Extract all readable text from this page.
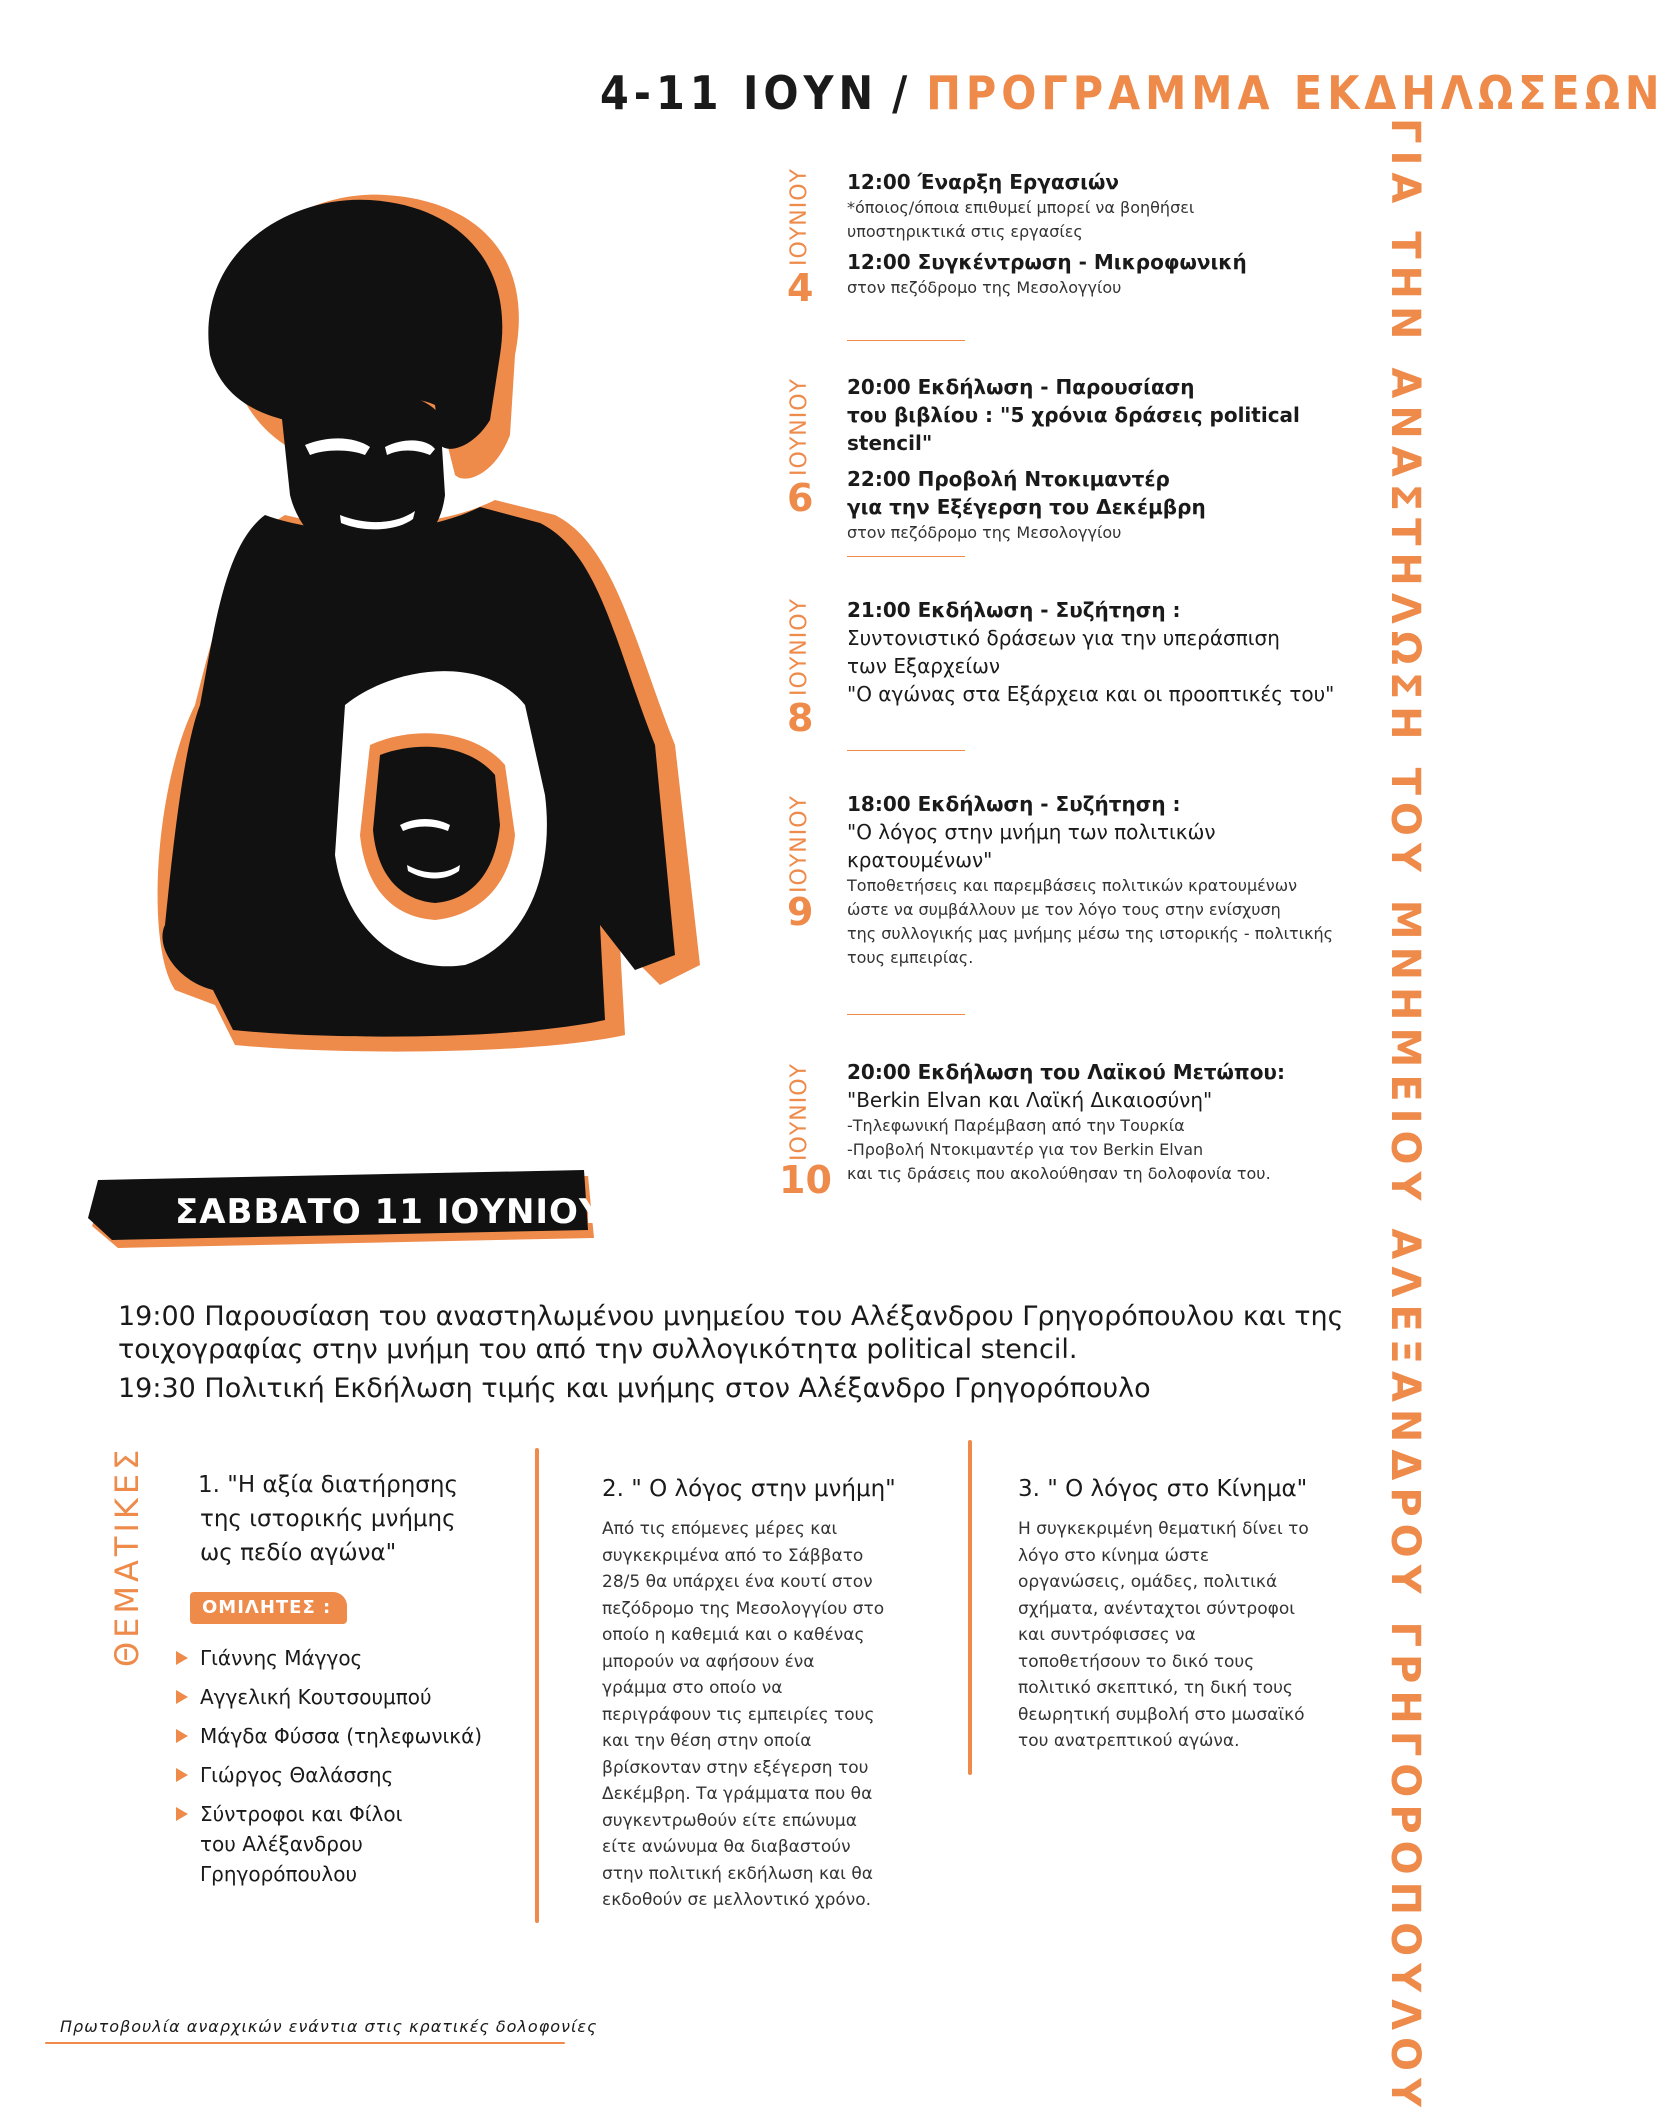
4-11 ΙΟΥΝ / ΠΡΟΓΡΑΜΜΑ ΕΚΔΗΛΩΣΕΩΝ
ΓΙΑ ΤΗΝ ΑΝΑΣΤΗΛΩΣΗ ΤΟΥ ΜΝΗΜΕΙΟΥ ΑΛΕΞΑΝΔΡΟΥ ΓΡΗΓΟΡΟΠΟΥΛΟΥ
ΙΟΥΝΙΟΥ
4
12:00 Έναρξη Εργασιών
*όποιος/όποια επιθυμεί μπορεί να βοηθήσει
υποστηρικτικά στις εργασίες
12:00 Συγκέντρωση - Μικροφωνική
στον πεζόδρομο της Μεσολογγίου
ΙΟΥΝΙΟΥ
6
20:00 Εκδήλωση - Παρουσίαση
του βιβλίου : "5 χρόνια δράσεις political stencil"
22:00 Προβολή Ντοκιμαντέρ
για την Εξέγερση του Δεκέμβρη
στον πεζόδρομο της Μεσολογγίου
ΙΟΥΝΙΟΥ
8
21:00 Εκδήλωση - Συζήτηση :
Συντονιστικό δράσεων για την υπεράσπιση
των Εξαρχείων
"Ο αγώνας στα Εξάρχεια και οι προοπτικές του"
ΙΟΥΝΙΟΥ
9
18:00 Εκδήλωση - Συζήτηση :
"Ο λόγος στην μνήμη των πολιτικών
κρατουμένων"
Τοποθετήσεις και παρεμβάσεις πολιτικών κρατουμένων
ώστε να συμβάλλουν με τον λόγο τους στην ενίσχυση
της συλλογικής μας μνήμης μέσω της ιστορικής - πολιτικής
τους εμπειρίας.
ΙΟΥΝΙΟΥ
10
20:00 Εκδήλωση του Λαϊκού Μετώπου:
"Berkin Elvan και Λαϊκή Δικαιοσύνη"
-Τηλεφωνική Παρέμβαση από την Τουρκία
-Προβολή Ντοκιμαντέρ για τον Berkin Elvan
και τις δράσεις που ακολούθησαν τη δολοφονία του.
ΣΑΒΒΑΤΟ 11 ΙΟΥΝΙΟΥ
19:00 Παρουσίαση του αναστηλωμένου μνημείου του Αλέξανδρου Γρηγορόπουλου και της
τοιχογραφίας στην μνήμη του από την συλλογικότητα political stencil.
19:30 Πολιτική Εκδήλωση τιμής και μνήμης στον Αλέξανδρο Γρηγορόπουλο
ΘΕΜΑΤΙΚΕΣ 1. "Η αξία διατήρησης
της ιστορικής μνήμης
ως πεδίο αγώνα"
ΟΜΙΛΗΤΕΣ :
Γιάννης Μάγγος
Αγγελική Κουτσουμπού
Μάγδα Φύσσα (τηλεφωνικά)
Γιώργος Θαλάσσης
Σύντροφοι και Φίλοι
του Αλέξανδρου
Γρηγορόπουλου
2. " Ο λόγος στην μνήμη"
Από τις επόμενες μέρες και
συγκεκριμένα από το Σάββατο
28/5 θα υπάρχει ένα κουτί στον
πεζόδρομο της Μεσολογγίου στο
οποίο η καθεμιά και ο καθένας
μπορούν να αφήσουν ένα
γράμμα στο οποίο να
περιγράφουν τις εμπειρίες τους
και την θέση στην οποία
βρίσκονταν στην εξέγερση του
Δεκέμβρη. Τα γράμματα που θα
συγκεντρωθούν είτε επώνυμα
είτε ανώνυμα θα διαβαστούν
στην πολιτική εκδήλωση και θα
εκδοθούν σε μελλοντικό χρόνο.
3. " Ο λόγος στο Κίνημα"
Η συγκεκριμένη θεματική δίνει το
λόγο στο κίνημα ώστε
οργανώσεις, ομάδες, πολιτικά
σχήματα, ανένταχτοι σύντροφοι
και συντρόφισσες να
τοποθετήσουν το δικό τους
πολιτικό σκεπτικό, τη δική τους
θεωρητική συμβολή στο μωσαϊκό
του ανατρεπτικού αγώνα.
Πρωτοβουλία αναρχικών ενάντια στις κρατικές δολοφονίες
